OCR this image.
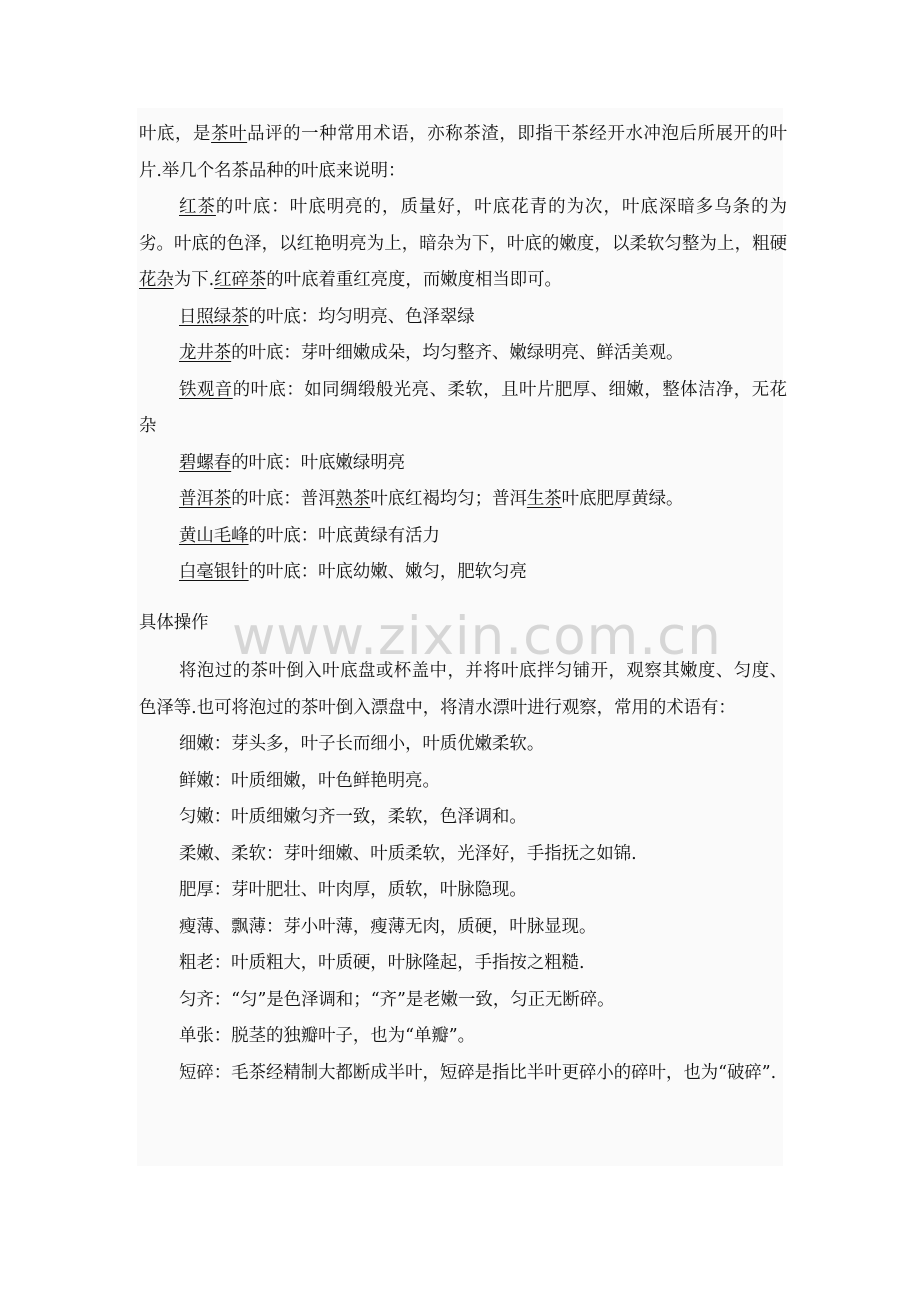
叶底，是茶叶品评的一种常用术语，亦称茶渣，即指干茶经开水冲泡后所展开的叶片.举几个名茶品种的叶底来说明：

红茶的叶底：叶底明亮的，质量好，叶底花青的为次，叶底深暗多乌条的为劣。叶底的色泽，以红艳明亮为上，暗杂为下，叶底的嫩度，以柔软匀整为上，粗硬花杂为下.红碎茶的叶底着重红亮度，而嫩度相当即可。

日照绿茶的叶底：均匀明亮、色泽翠绿

龙井茶的叶底：芽叶细嫩成朵，均匀整齐、嫩绿明亮、鲜活美观。

铁观音的叶底：如同绸缎般光亮、柔软，且叶片肥厚、细嫩，整体洁净，无花杂

碧螺春的叶底：叶底嫩绿明亮

普洱茶的叶底：普洱熟茶叶底红褐均匀；普洱生茶叶底肥厚黄绿。

黄山毛峰的叶底：叶底黄绿有活力

白毫银针的叶底：叶底幼嫩、嫩匀，肥软匀亮

具体操作

将泡过的茶叶倒入叶底盘或杯盖中，并将叶底拌匀铺开，观察其嫩度、匀度、色泽等.也可将泡过的茶叶倒入漂盘中，将清水漂叶进行观察，常用的术语有：

细嫩：芽头多，叶子长而细小，叶质优嫩柔软。

鲜嫩：叶质细嫩，叶色鲜艳明亮。

匀嫩：叶质细嫩匀齐一致，柔软，色泽调和。

柔嫩、柔软：芽叶细嫩、叶质柔软，光泽好，手指抚之如锦.

肥厚：芽叶肥壮、叶肉厚，质软，叶脉隐现。

瘦薄、飘薄：芽小叶薄，瘦薄无肉，质硬，叶脉显现。

粗老：叶质粗大，叶质硬，叶脉隆起，手指按之粗糙.

匀齐：“匀”是色泽调和；“齐”是老嫩一致，匀正无断碎。

单张：脱茎的独瓣叶子，也为“单瓣”。

短碎：毛茶经精制大都断成半叶，短碎是指比半叶更碎小的碎叶，也为“破碎”.

www.zixin.com.cn
